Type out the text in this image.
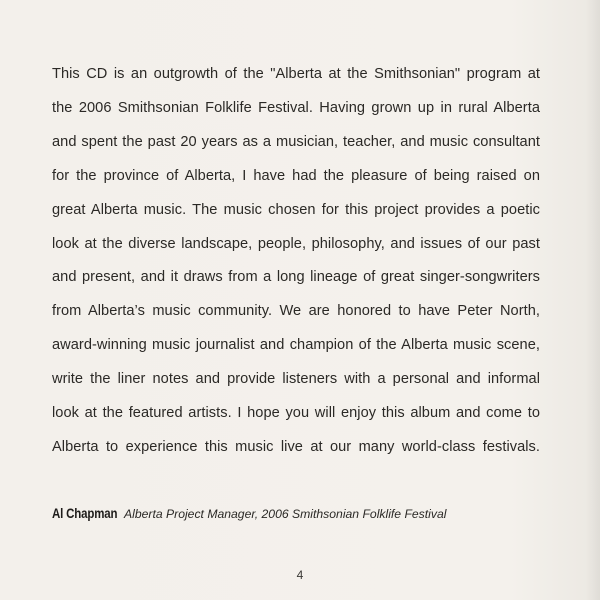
This CD is an outgrowth of the "Alberta at the Smithsonian" program at
the 2006 Smithsonian Folklife Festival. Having grown up in rural Alberta
and spent the past 20 years as a musician, teacher, and music consultant
for the province of Alberta, I have had the pleasure of being raised on
great Alberta music. The music chosen for this project provides a poetic
look at the diverse landscape, people, philosophy, and issues of our past
and present, and it draws from a long lineage of great singer-songwriters
from Alberta’s music community. We are honored to have Peter North,
award-winning music journalist and champion of the Alberta music scene,
write the liner notes and provide listeners with a personal and informal
look at the featured artists. I hope you will enjoy this album and come to
Alberta to experience this music live at our many world-class festivals.
Al Chapman Alberta Project Manager, 2006 Smithsonian Folklife Festival
4
